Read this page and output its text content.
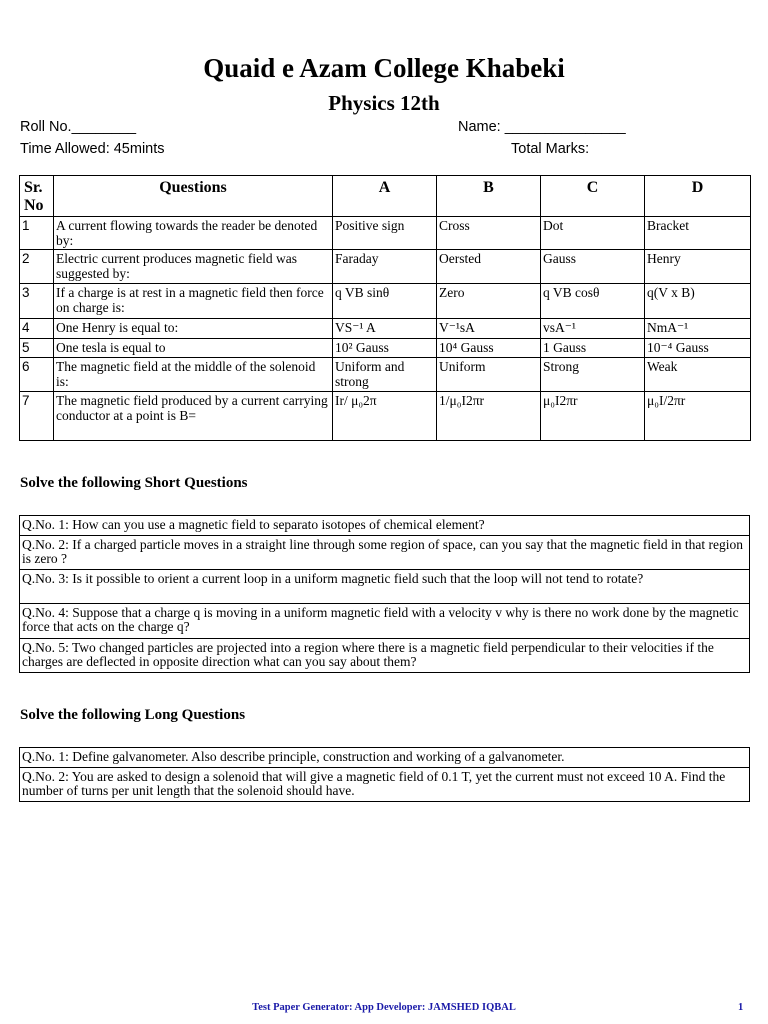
Quaid e Azam College Khabeki
Physics 12th
Roll No.________	Name: _______________
Time Allowed: 45mints	Total Marks:
Sr. No	Questions	A	B	C	D
1	A current flowing towards the reader be denoted by:	Positive sign	Cross	Dot	Bracket
2	Electric current produces magnetic field was suggested by:	Faraday	Oersted	Gauss	Henry
3	If a charge is at rest in a magnetic field then force on charge is:	q VB sinθ	Zero	q VB cosθ	q(V x B)
4	One Henry is equal to:	VS⁻¹ A	V⁻¹sA	vsA⁻¹	NmA⁻¹
5	One tesla is equal to	10² Gauss	10⁴ Gauss	1 Gauss	10⁻⁴ Gauss
6	The magnetic field at the middle of the solenoid is:	Uniform and strong	Uniform	Strong	Weak
7	The magnetic field produced by a current carrying conductor at a point is B=	Ir/ μ₀2π	1/μ₀I2πr	μ₀I2πr	μ₀I/2πr
Solve the following Short Questions
Q.No. 1: How can you use a magnetic field to separato isotopes of chemical element?
Q.No. 2: If a charged particle moves in a straight line through some region of space, can you say that the magnetic field in that region is zero ?
Q.No. 3: Is it possible to orient a current loop in a uniform magnetic field such that the loop will not tend to rotate?
Q.No. 4: Suppose that a charge q is moving in a uniform magnetic field with a velocity v why is there no work done by the magnetic force that acts on the charge q?
Q.No. 5: Two changed particles are projected into a region where there is a magnetic field perpendicular to their velocities if the charges are deflected in opposite direction what can you say about them?
Solve the following Long Questions
Q.No. 1: Define galvanometer. Also describe principle, construction and working of a galvanometer.
Q.No. 2: You are asked to design a solenoid that will give a magnetic field of 0.1 T, yet the current must not exceed 10 A. Find the number of turns per unit length that the solenoid should have.
Test Paper Generator: App Developer: JAMSHED IQBAL	1
